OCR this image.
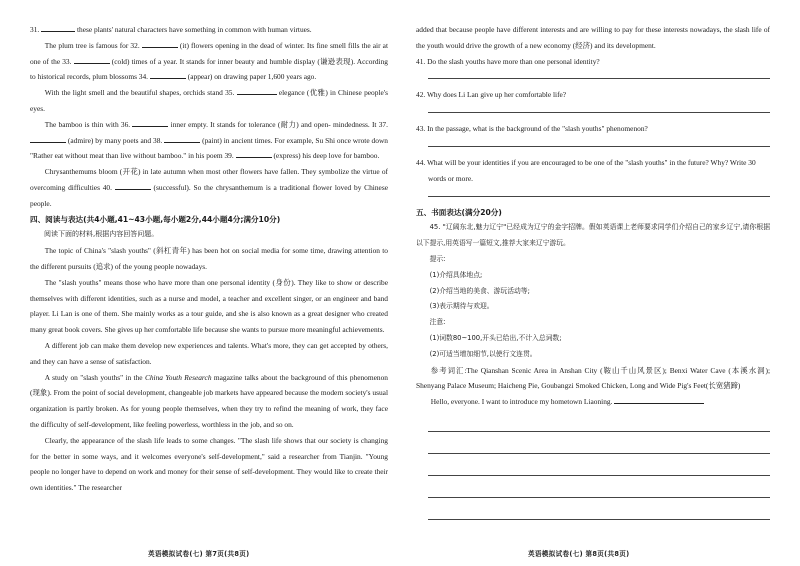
31.	these plants' natural characters have something in common with human virtues.

The plum tree is famous for 32.	(it) flowers opening in the dead of winter. Its fine smell fills the air at one of the 33.	(cold) times of a year. It stands for inner beauty and humble display (谦逊表现). According to historical records, plum blossoms 34.	(appear) on drawing paper 1,600 years ago.

With the light smell and the beautiful shapes, orchids stand 35.	elegance (优雅) in Chinese people's eyes.

The bamboo is thin with 36.	inner empty. It stands for tolerance (耐力) and open- mindedness. It 37.  (admire) by many poets and 38.	(paint) in ancient times. For example, Su Shi once wrote down "Rather eat without meat than live without bamboo." in his poem 39.	(express) his deep love for bamboo.

Chrysanthemums bloom (开花) in late autumn when most other flowers have fallen. They symbolize the virtue of overcoming difficulties 40.	(successful). So the chrysanthemum is a traditional flower loved by Chinese people.

四、阅读与表达(共4小题,41~43小题,每小题2分,44小题4分;满分10分)

阅读下面的材料,根据内容回答问题。

The topic of China's "slash youths" (斜杠青年) has been hot on social media for some time, drawing attention to the different pursuits (追求) of the young people nowadays.

The "slash youths" means those who have more than one personal identity (身份). They like to show or describe themselves with different identities, such as a nurse and model, a teacher and excellent singer, or an engineer and band player. Li Lan is one of them. She mainly works as a tour guide, and she is also known as a great designer who created many great book covers. She gives up her comfortable life because she wants to pursue more meaningful achievements.

A different job can make them develop new experiences and talents. What's more, they can get accepted by others, and they can have a sense of satisfaction.

A study on "slash youths" in the China Youth Research magazine talks about the background of this phenomenon (现象). From the point of social development, changeable job markets have appeared because the modern society's usual organization is partly broken. As for young people themselves, when they try to refind the meaning of work, they face the difficulty of self-development, like feeling powerless, worthless in the job, and so on.

Clearly, the appearance of the slash life leads to some changes. "The slash life shows that our society is changing for the better in some ways, and it welcomes everyone's self-development," said a researcher from Tianjin. "Young people no longer have to depend on work and money for their sense of self-development. They would like to create their own identities." The researcher

added that because people have different interests and are willing to pay for these interests nowadays, the slash life of the youth would drive the growth of a new economy (经济) and its development.

41. Do the slash youths have more than one personal identity?

42. Why does Li Lan give up her comfortable life?

43. In the passage, what is the background of the "slash youths" phenomenon?

44. What will be your identities if you are encouraged to be one of the "slash youths" in the future? Why? Write 30 words or more.

五、书面表达(满分20分)

45. "辽阔东北,魅力辽宁"已经成为辽宁的金字招牌。假如英语课上老师要求同学们介绍自己的家乡辽宁,请你根据以下提示,用英语写一篇短文,推荐大家来辽宁游玩。

提示:

(1)介绍具体地点;

(2)介绍当地的美食、游玩活动等;

(3)表示期待与欢迎。

注意:

(1)词数80~100,开头已给出,不计入总词数;

(2)可适当增加细节,以使行文连贯。

参考词汇:The Qianshan Scenic Area in Anshan City (鞍山千山风景区); Benxi Water Cave (本溪水洞); Shenyang Palace Museum; Haicheng Pie, Goubangzi Smoked Chicken, Long and Wide Pig's Feet(长宽猪蹄)

Hello, everyone. I want to introduce my hometown Liaoning.

英语模拟试卷(七) 第7页(共8页)	英语模拟试卷(七) 第8页(共8页)
